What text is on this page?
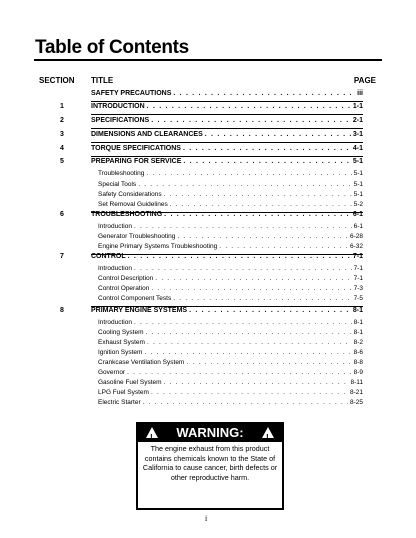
Table of Contents
SECTION TITLE	PAGE
SAFETY PRECAUTIONS . . .	iii
1	INTRODUCTION . . .	1-1
2	SPECIFICATIONS . . .	2-1
3	DIMENSIONS AND CLEARANCES . . .	3-1
4	TORQUE SPECIFICATIONS . . .	4-1
5	PREPARING FOR SERVICE . . .	5-1
Troubleshooting . . .	5-1
Special Tools . . .	5-1
Safety Considerations . . .	5-1
Set Removal Guidelines . . .	5-2
6	TROUBLESHOOTING . . .	6-1
Introduction . . .	6-1
Generator Troubleshooting . . .	6-28
Engine Primary Systems Troubleshooting . . .	6-32
7	CONTROL . . .	7-1
Introduction . . .	7-1
Control Description . . .	7-1
Control Operation . . .	7-3
Control Component Tests . . .	7-5
8	PRIMARY ENGINE SYSTEMS . . .	8-1
Introduction . . .	8-1
Cooling System . . .	8-1
Exhaust System . . .	8-2
Ignition System . . .	8-6
Crankcase Ventilation System . . .	8-8
Governor . . .	8-9
Gasoline Fuel System . . .	8-11
LPG Fuel System . . .	8-21
Electric Starter . . .	8-25
! WARNING:	!
The engine exhaust from this product contains chemicals known to the State of California to cause cancer, birth defects or other reproductive harm.
i
